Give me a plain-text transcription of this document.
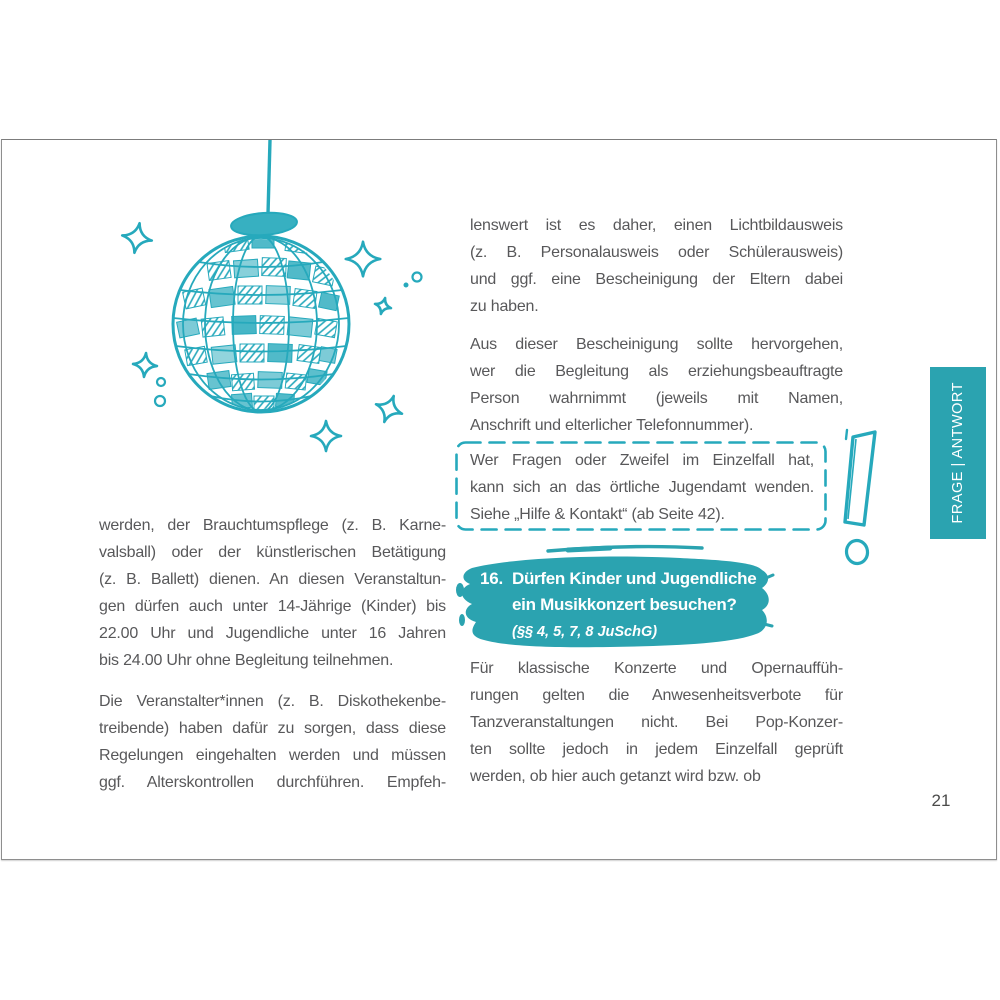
werden, der Brauchtumspflege (z. B. Karne-
valsball) oder der künstlerischen Betätigung
(z. B. Ballett) dienen. An diesen Veranstaltun-
gen dürfen auch unter 14-Jährige (Kinder) bis
22.00 Uhr und Jugendliche unter 16 Jahren
bis 24.00 Uhr ohne Begleitung teilnehmen.
Die Veranstalter*innen (z. B. Diskothekenbe-
treibende) haben dafür zu sorgen, dass diese
Regelungen eingehalten werden und müssen
ggf. Alterskontrollen durchführen. Empfeh-
lenswert ist es daher, einen Lichtbildausweis
(z. B. Personalausweis oder Schülerausweis)
und ggf. eine Bescheinigung der Eltern dabei
zu haben.
Aus dieser Bescheinigung sollte hervorgehen,
wer die Begleitung als erziehungsbeauftragte
Person wahrnimmt (jeweils mit Namen,
Anschrift und elterlicher Telefonnummer).
Wer Fragen oder Zweifel im Einzelfall hat,
kann sich an das örtliche Jugendamt wenden.
Siehe „Hilfe & Kontakt“ (ab Seite 42).
16. Dürfen Kinder und Jugendliche
ein Musikkonzert besuchen?
(§§ 4, 5, 7, 8 JuSchG)
Für klassische Konzerte und Opernauffüh-
rungen gelten die Anwesenheitsverbote für
Tanzveranstaltungen nicht. Bei Pop-Konzer-
ten sollte jedoch in jedem Einzelfall geprüft
werden, ob hier auch getanzt wird bzw. ob
FRAGE | ANTWORT
21
